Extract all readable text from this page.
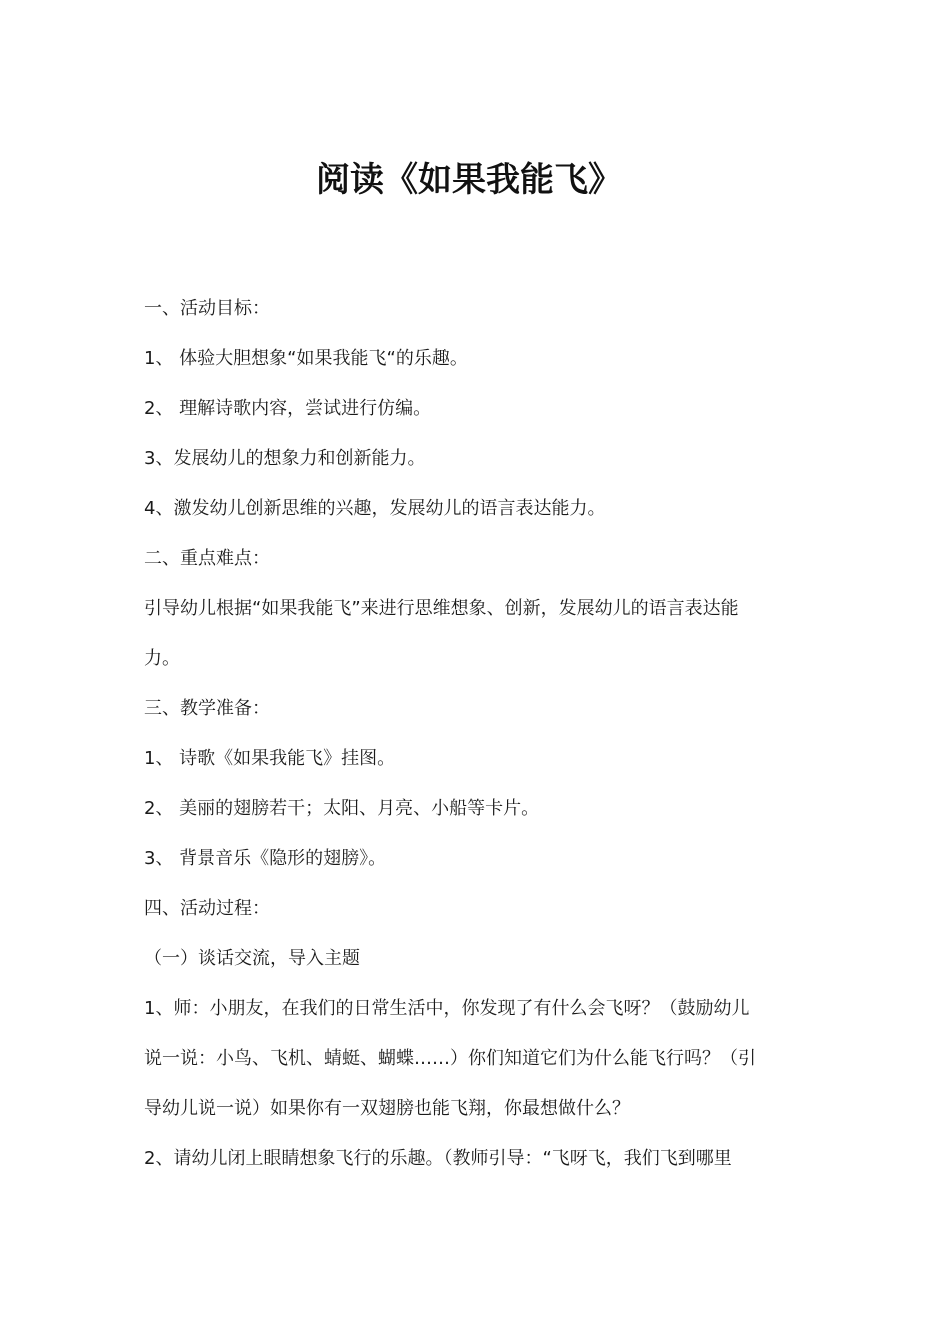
阅读《如果我能飞》

一、活动目标：

1、 体验大胆想象“如果我能飞“的乐趣。

2、 理解诗歌内容，尝试进行仿编。

3、发展幼儿的想象力和创新能力。

4、激发幼儿创新思维的兴趣，发展幼儿的语言表达能力。

二、重点难点：

引导幼儿根据“如果我能飞”来进行思维想象、创新，发展幼儿的语言表达能

力。

三、教学准备：

1、 诗歌《如果我能飞》挂图。

2、 美丽的翅膀若干；太阳、月亮、小船等卡片。

3、 背景音乐《隐形的翅膀》。

四、活动过程：

（一）谈话交流，导入主题

1、师：小朋友，在我们的日常生活中，你发现了有什么会飞呀？（鼓励幼儿

说一说：小鸟、飞机、蜻蜓、蝴蝶……）你们知道它们为什么能飞行吗？（引

导幼儿说一说）如果你有一双翅膀也能飞翔，你最想做什么？

2、请幼儿闭上眼睛想象飞行的乐趣。（教师引导：“飞呀飞，我们飞到哪里
